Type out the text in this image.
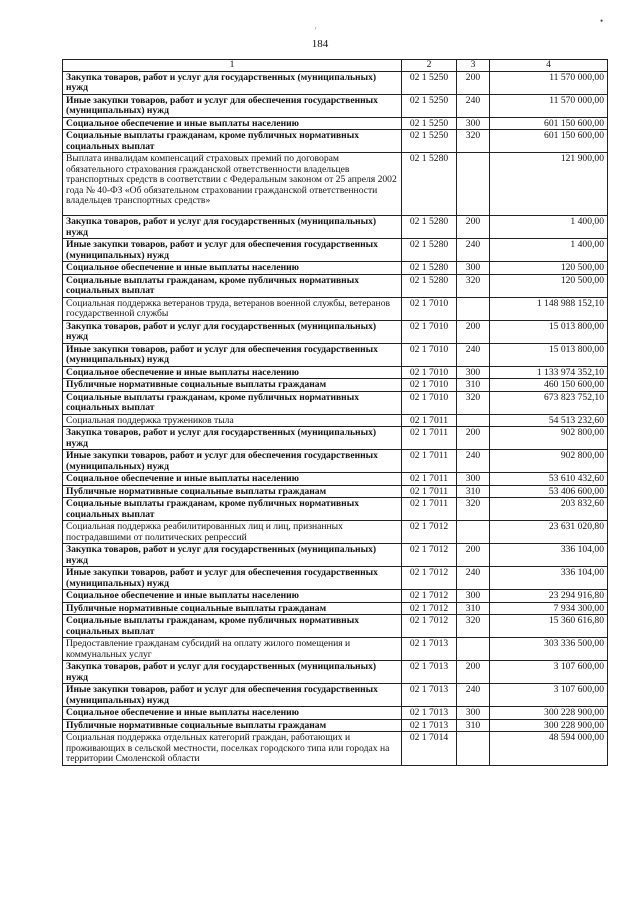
184
•
'
1	2	3	4
Закупка товаров, работ и услуг для государственных (муниципальных) нужд	02 1 5250	200	11 570 000,00
Иные закупки товаров, работ и услуг для обеспечения государственных (муниципальных) нужд	02 1 5250	240	11 570 000,00
Социальное обеспечение и иные выплаты населению	02 1 5250	300	601 150 600,00
Социальные выплаты гражданам, кроме публичных нормативных социальных выплат	02 1 5250	320	601 150 600,00
Выплата инвалидам компенсаций страховых премий по договорам обязательного страхования гражданской ответственности владельцев транспортных средств в соответствии с Федеральным законом от 25 апреля 2002 года № 40-ФЗ «Об обязательном страховании гражданской ответственности владельцев транспортных средств»	02 1 5280		121 900,00
Закупка товаров, работ и услуг для государственных (муниципальных) нужд	02 1 5280	200	1 400,00
Иные закупки товаров, работ и услуг для обеспечения государственных (муниципальных) нужд	02 1 5280	240	1 400,00
Социальное обеспечение и иные выплаты населению	02 1 5280	300	120 500,00
Социальные выплаты гражданам, кроме публичных нормативных социальных выплат	02 1 5280	320	120 500,00
Социальная поддержка ветеранов труда, ветеранов военной службы, ветеранов государственной службы	02 1 7010		1 148 988 152,10
Закупка товаров, работ и услуг для государственных (муниципальных) нужд	02 1 7010	200	15 013 800,00
Иные закупки товаров, работ и услуг для обеспечения государственных (муниципальных) нужд	02 1 7010	240	15 013 800,00
Социальное обеспечение и иные выплаты населению	02 1 7010	300	1 133 974 352,10
Публичные нормативные социальные выплаты гражданам	02 1 7010	310	460 150 600,00
Социальные выплаты гражданам, кроме публичных нормативных социальных выплат	02 1 7010	320	673 823 752,10
Социальная поддержка тружеников тыла	02 1 7011		54 513 232,60
Закупка товаров, работ и услуг для государственных (муниципальных) нужд	02 1 7011	200	902 800,00
Иные закупки товаров, работ и услуг для обеспечения государственных (муниципальных) нужд	02 1 7011	240	902 800,00
Социальное обеспечение и иные выплаты населению	02 1 7011	300	53 610 432,60
Публичные нормативные социальные выплаты гражданам	02 1 7011	310	53 406 600,00
Социальные выплаты гражданам, кроме публичных нормативных социальных выплат	02 1 7011	320	203 832,60
Социальная поддержка реабилитированных лиц и лиц, признанных пострадавшими от политических репрессий	02 1 7012		23 631 020,80
Закупка товаров, работ и услуг для государственных (муниципальных) нужд	02 1 7012	200	336 104,00
Иные закупки товаров, работ и услуг для обеспечения государственных (муниципальных) нужд	02 1 7012	240	336 104,00
Социальное обеспечение и иные выплаты населению	02 1 7012	300	23 294 916,80
Публичные нормативные социальные выплаты гражданам	02 1 7012	310	7 934 300,00
Социальные выплаты гражданам, кроме публичных нормативных социальных выплат	02 1 7012	320	15 360 616,80
Предоставление гражданам субсидий на оплату жилого помещения и коммунальных услуг	02 1 7013		303 336 500,00
Закупка товаров, работ и услуг для государственных (муниципальных) нужд	02 1 7013	200	3 107 600,00
Иные закупки товаров, работ и услуг для обеспечения государственных (муниципальных) нужд	02 1 7013	240	3 107 600,00
Социальное обеспечение и иные выплаты населению	02 1 7013	300	300 228 900,00
Публичные нормативные социальные выплаты гражданам	02 1 7013	310	300 228 900,00
Социальная поддержка отдельных категорий граждан, работающих и проживающих в сельской местности, поселках городского типа или городах на территории Смоленской области	02 1 7014		48 594 000,00
